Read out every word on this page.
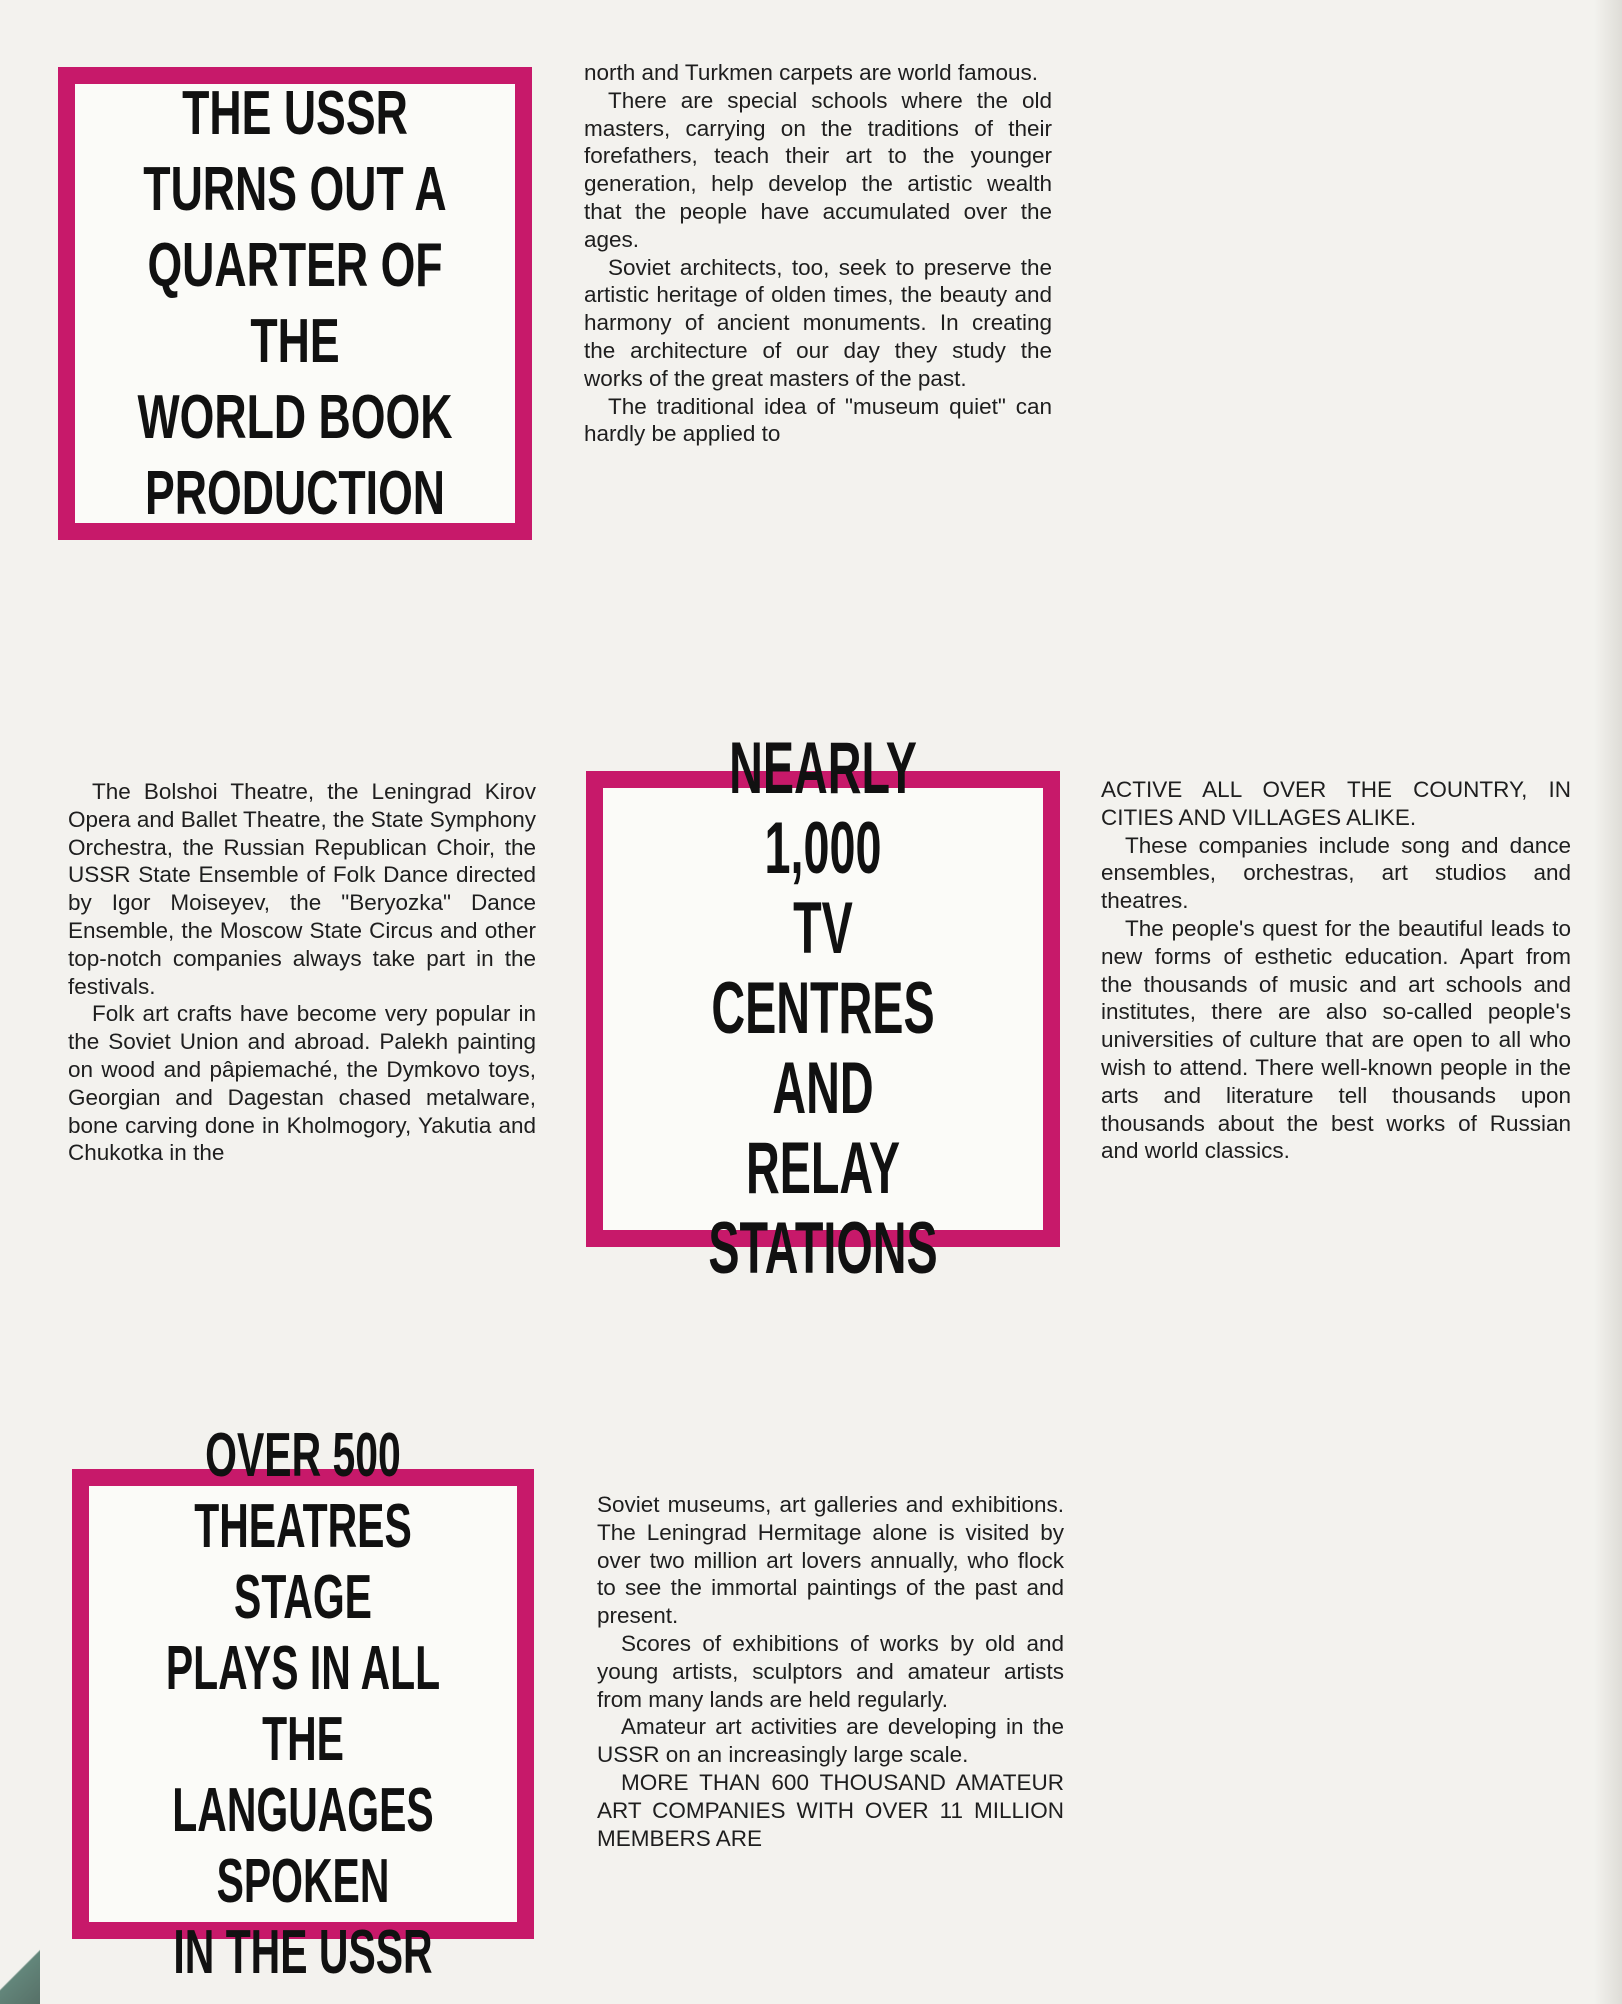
THE USSR
TURNS OUT A
QUARTER OF THE
WORLD BOOK
PRODUCTION

north and Turkmen carpets are world famous.

There are special schools where the old masters, carrying on the traditions of their forefathers, teach their art to the younger generation, help develop the artistic wealth that the people have accumulated over the ages.

Soviet architects, too, seek to preserve the artistic heritage of olden times, the beauty and harmony of ancient monuments. In creating the architecture of our day they study the works of the great masters of the past.

The traditional idea of "museum quiet" can hardly be applied to

The Bolshoi Theatre, the Leningrad Kirov Opera and Ballet Theatre, the State Symphony Orchestra, the Russian Republican Choir, the USSR State Ensemble of Folk Dance directed by Igor Moiseyev, the "Beryozka" Dance Ensemble, the Moscow State Circus and other top-notch companies always take part in the festivals.

Folk art crafts have become very popular in the Soviet Union and abroad. Palekh painting on wood and pâpiemaché, the Dymkovo toys, Georgian and Dagestan chased metalware, bone carving done in Kholmogory, Yakutia and Chukotka in the

NEARLY 1,000
TV CENTRES AND
RELAY STATIONS

ACTIVE ALL OVER THE COUNTRY, IN CITIES AND VILLAGES ALIKE.

These companies include song and dance ensembles, orchestras, art studios and theatres.

The people's quest for the beautiful leads to new forms of esthetic education. Apart from the thousands of music and art schools and institutes, there are also so-called people's universities of culture that are open to all who wish to attend. There well-known people in the arts and literature tell thousands upon thousands about the best works of Russian and world classics.

OVER 500
THEATRES STAGE
PLAYS IN ALL
THE LANGUAGES
SPOKEN
IN THE USSR

Soviet museums, art galleries and exhibitions. The Leningrad Hermitage alone is visited by over two million art lovers annually, who flock to see the immortal paintings of the past and present.

Scores of exhibitions of works by old and young artists, sculptors and amateur artists from many lands are held regularly.

Amateur art activities are developing in the USSR on an increasingly large scale.

MORE THAN 600 THOUSAND AMATEUR ART COMPANIES WITH OVER 11 MILLION MEMBERS ARE
